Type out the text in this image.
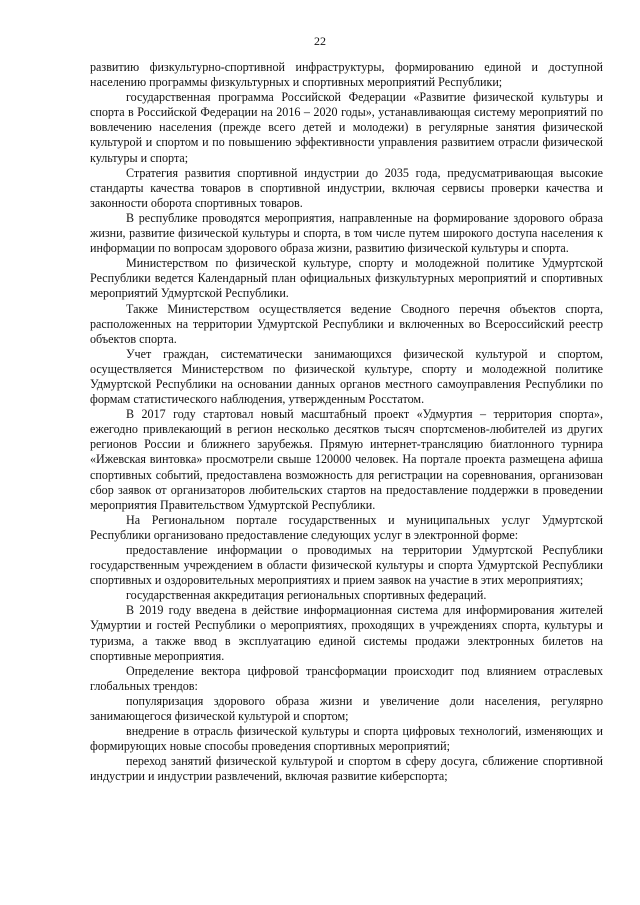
22

развитию физкультурно-спортивной инфраструктуры, формированию единой и доступной населению программы физкультурных и спортивных мероприятий Республики;

государственная программа Российской Федерации «Развитие физической культуры и спорта в Российской Федерации на 2016 – 2020 годы», устанавливающая систему мероприятий по вовлечению населения (прежде всего детей и молодежи) в регулярные занятия физической культурой и спортом и по повышению эффективности управления развитием отрасли физической культуры и спорта;

Стратегия развития спортивной индустрии до 2035 года, предусматривающая высокие стандарты качества товаров в спортивной индустрии, включая сервисы проверки качества и законности оборота спортивных товаров.

В республике проводятся мероприятия, направленные на формирование здорового образа жизни, развитие физической культуры и спорта, в том числе путем широкого доступа населения к информации по вопросам здорового образа жизни, развитию физической культуры и спорта.

Министерством по физической культуре, спорту и молодежной политике Удмуртской Республики ведется Календарный план официальных физкультурных мероприятий и спортивных мероприятий Удмуртской Республики.

Также Министерством осуществляется ведение Сводного перечня объектов спорта, расположенных на территории Удмуртской Республики и включенных во Всероссийский реестр объектов спорта.

Учет граждан, систематически занимающихся физической культурой и спортом, осуществляется Министерством по физической культуре, спорту и молодежной политике Удмуртской Республики на основании данных органов местного самоуправления Республики по формам статистического наблюдения, утвержденным Росстатом.

В 2017 году стартовал новый масштабный проект «Удмуртия – территория спорта», ежегодно привлекающий в регион несколько десятков тысяч спортсменов-любителей из других регионов России и ближнего зарубежья. Прямую интернет-трансляцию биатлонного турнира «Ижевская винтовка» просмотрели свыше 120000 человек. На портале проекта размещена афиша спортивных событий, предоставлена возможность для регистрации на соревнования, организован сбор заявок от организаторов любительских стартов на предоставление поддержки в проведении мероприятия Правительством Удмуртской Республики.

На Региональном портале государственных и муниципальных услуг Удмуртской Республики организовано предоставление следующих услуг в электронной форме:

предоставление информации о проводимых на территории Удмуртской Республики государственным учреждением в области физической культуры и спорта Удмуртской Республики спортивных и оздоровительных мероприятиях и прием заявок на участие в этих мероприятиях;

государственная аккредитация региональных спортивных федераций.

В 2019 году введена в действие информационная система для информирования жителей Удмуртии и гостей Республики о мероприятиях, проходящих в учреждениях спорта, культуры и туризма, а также ввод в эксплуатацию единой системы продажи электронных билетов на спортивные мероприятия.

Определение вектора цифровой трансформации происходит под влиянием отраслевых глобальных трендов:

популяризация здорового образа жизни и увеличение доли населения, регулярно занимающегося физической культурой и спортом;

внедрение в отрасль физической культуры и спорта цифровых технологий, изменяющих и формирующих новые способы проведения спортивных мероприятий;

переход занятий физической культурой и спортом в сферу досуга, сближение спортивной индустрии и индустрии развлечений, включая развитие киберспорта;
